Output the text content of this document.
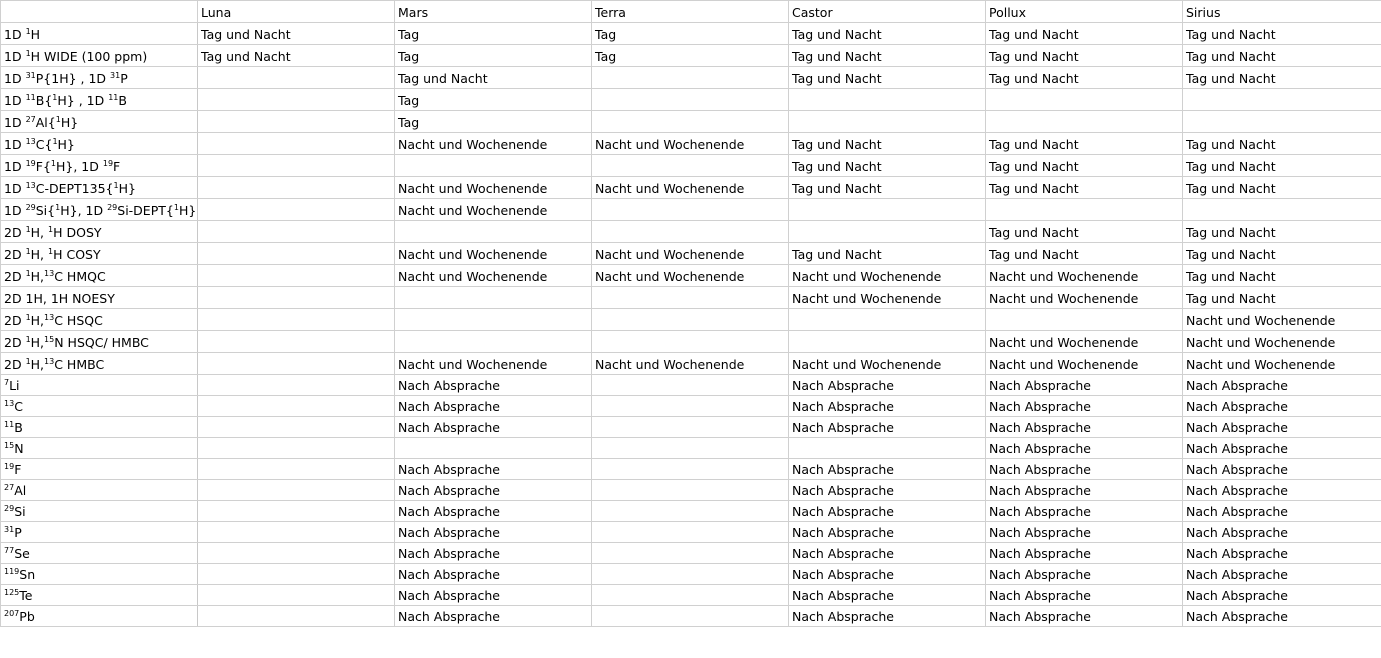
	Luna	Mars	Terra	Castor	Pollux	Sirius
1D $^1$H	Tag und Nacht	Tag	Tag	Tag und Nacht	Tag und Nacht	Tag und Nacht
1D $^1$H WIDE (100 ppm)	Tag und Nacht	Tag	Tag	Tag und Nacht	Tag und Nacht	Tag und Nacht
1D $^{31}$P{1H} , 1D $^{31}$P		Tag und Nacht		Tag und Nacht	Tag und Nacht	Tag und Nacht
1D $^{11}$B{$^1$H} , 1D $^{11}$B		Tag				
1D $^{27}$Al{$^1$H}		Tag				
1D $^{13}$C{$^1$H}		Nacht und Wochenende	Nacht und Wochenende	Tag und Nacht	Tag und Nacht	Tag und Nacht
1D $^{19}$F{$^1$H}, 1D $^{19}$F				Tag und Nacht	Tag und Nacht	Tag und Nacht
1D $^{13}$C-DEPT135{$^1$H}		Nacht und Wochenende	Nacht und Wochenende	Tag und Nacht	Tag und Nacht	Tag und Nacht
1D $^{29}$Si{$^1$H}, 1D $^{29}$Si-DEPT{$^1$H}		Nacht und Wochenende				
2D $^1$H, $^1$H DOSY					Tag und Nacht	Tag und Nacht
2D $^1$H, $^1$H COSY		Nacht und Wochenende	Nacht und Wochenende	Tag und Nacht	Tag und Nacht	Tag und Nacht
2D $^1$H,$^{13}$C HMQC		Nacht und Wochenende	Nacht und Wochenende	Nacht und Wochenende	Nacht und Wochenende	Tag und Nacht
2D 1H, 1H NOESY				Nacht und Wochenende	Nacht und Wochenende	Tag und Nacht
2D $^1$H,$^{13}$C HSQC						Nacht und Wochenende
2D $^1$H,$^{15}$N HSQC/ HMBC					Nacht und Wochenende	Nacht und Wochenende
2D $^1$H,$^{13}$C HMBC		Nacht und Wochenende	Nacht und Wochenende	Nacht und Wochenende	Nacht und Wochenende	Nacht und Wochenende
$^7$Li		Nach Absprache		Nach Absprache	Nach Absprache	Nach Absprache
$^{13}$C		Nach Absprache		Nach Absprache	Nach Absprache	Nach Absprache
$^{11}$B		Nach Absprache		Nach Absprache	Nach Absprache	Nach Absprache
$^{15}$N					Nach Absprache	Nach Absprache
$^{19}$F		Nach Absprache		Nach Absprache	Nach Absprache	Nach Absprache
$^{27}$Al		Nach Absprache		Nach Absprache	Nach Absprache	Nach Absprache
$^{29}$Si		Nach Absprache		Nach Absprache	Nach Absprache	Nach Absprache
$^{31}$P		Nach Absprache		Nach Absprache	Nach Absprache	Nach Absprache
$^{77}$Se		Nach Absprache		Nach Absprache	Nach Absprache	Nach Absprache
$^{119}$Sn		Nach Absprache		Nach Absprache	Nach Absprache	Nach Absprache
$^{125}$Te		Nach Absprache		Nach Absprache	Nach Absprache	Nach Absprache
$^{207}$Pb		Nach Absprache		Nach Absprache	Nach Absprache	Nach Absprache
